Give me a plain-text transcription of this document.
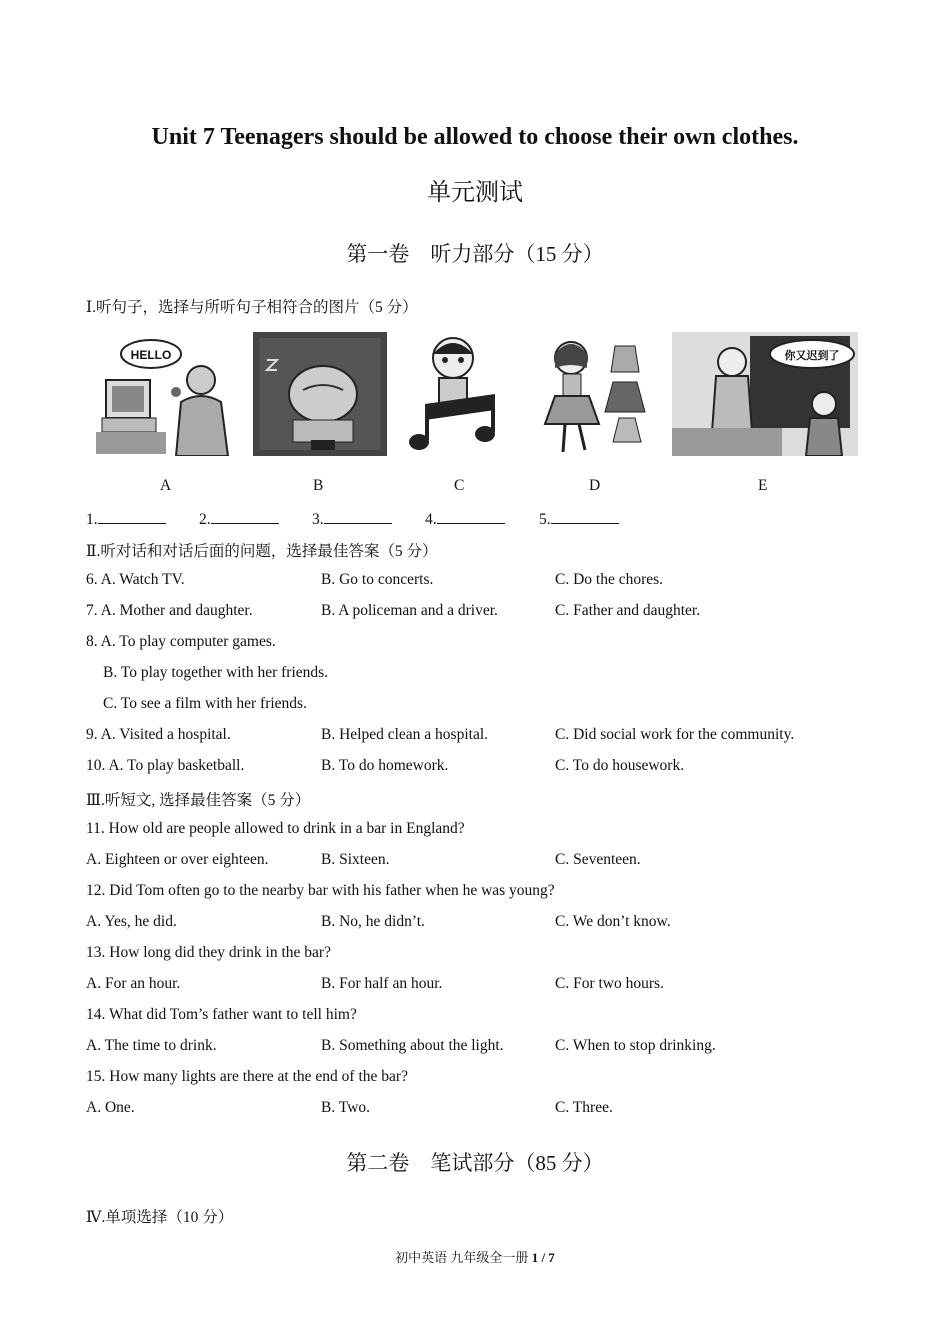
Unit 7 Teenagers should be allowed to choose their own clothes.
单元测试
第一卷　听力部分（15 分）
Ⅰ.听句子，选择与所听句子相符合的图片（5 分）
HELLO	你又迟到了
A	B	C	D	E
1.	2.	3.	4.	5.
Ⅱ.听对话和对话后面的问题，选择最佳答案（5 分）
6. A. Watch TV.	B. Go to concerts.	C. Do the chores.
7. A. Mother and daughter.	B. A policeman and a driver.	C. Father and daughter.
8. A. To play computer games.
B. To play together with her friends.
C. To see a film with her friends.
9. A. Visited a hospital.	B. Helped clean a hospital.	C. Did social work for the community.
10. A. To play basketball.	B. To do homework.	C. To do housework.
Ⅲ.听短文, 选择最佳答案（5 分）
11. How old are people allowed to drink in a bar in England?
A. Eighteen or over eighteen.	B. Sixteen.	C. Seventeen.
12. Did Tom often go to the nearby bar with his father when he was young?
A. Yes, he did.	B. No, he didn’t.	C. We don’t know.
13. How long did they drink in the bar?
A. For an hour.	B. For half an hour.	C. For two hours.
14. What did Tom’s father want to tell him?
A. The time to drink.	B. Something about the light.	C. When to stop drinking.
15. How many lights are there at the end of the bar?
A. One.	B. Two.	C. Three.
第二卷　笔试部分（85 分）
Ⅳ.单项选择（10 分）
初中英语 九年级全一册 1 / 7
